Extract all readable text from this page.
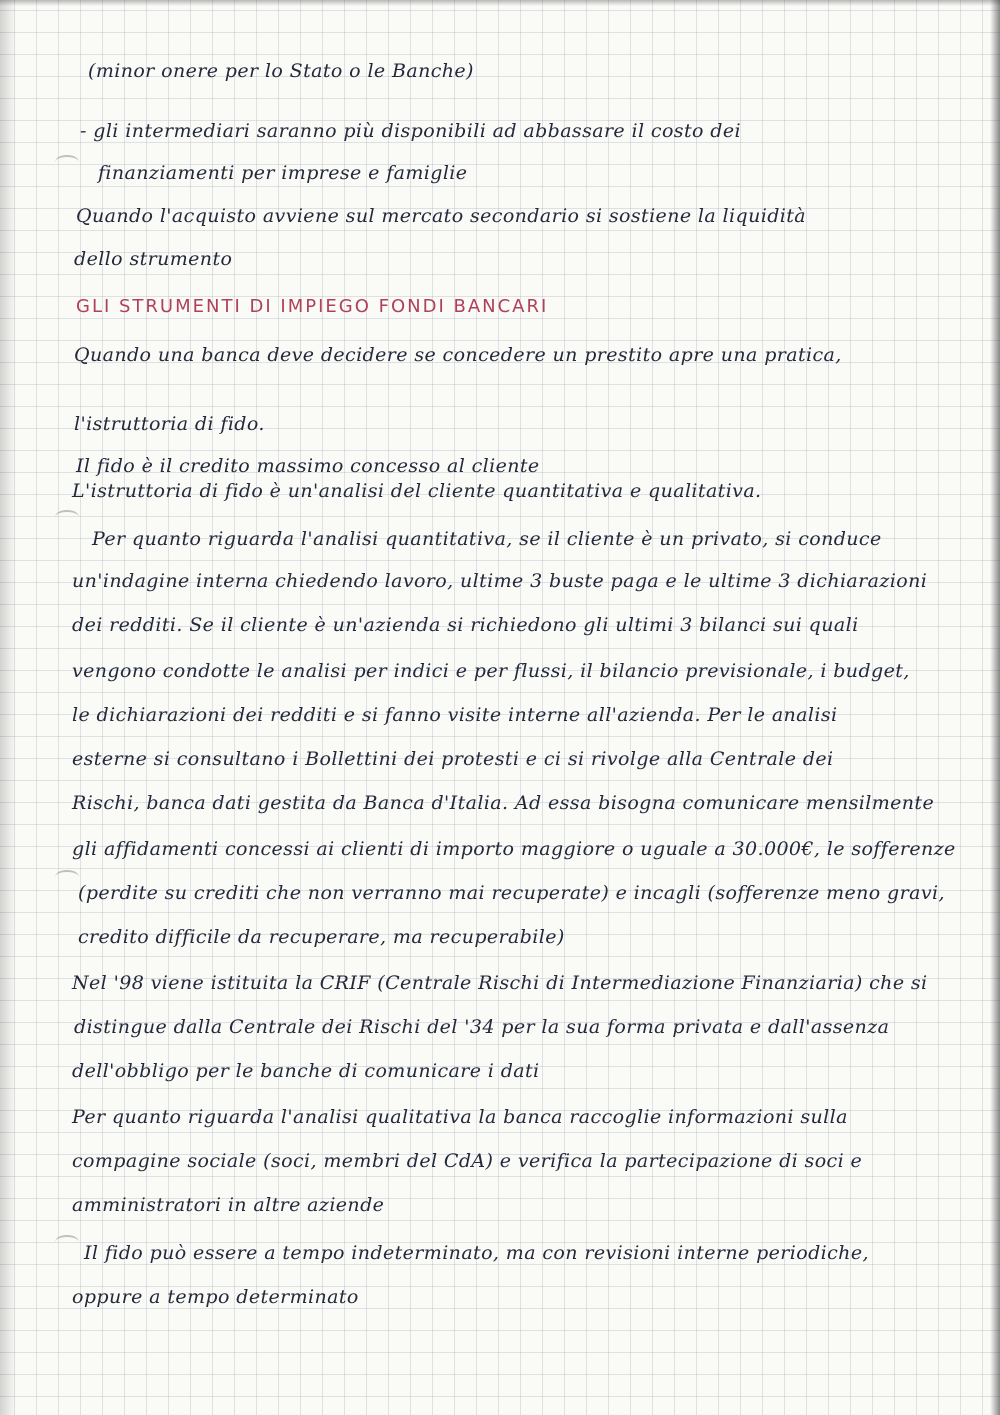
(minor onere per lo Stato o le Banche)
- gli intermediari saranno più disponibili ad abbassare il costo dei
finanziamenti per imprese e famiglie
Quando l'acquisto avviene sul mercato secondario si sostiene la liquidità
dello strumento
GLI STRUMENTI DI IMPIEGO FONDI BANCARI
Quando una banca deve decidere se concedere un prestito apre una pratica,
l'istruttoria di fido.
Il fido è il credito massimo concesso al cliente
L'istruttoria di fido è un'analisi del cliente quantitativa e qualitativa.
Per quanto riguarda l'analisi quantitativa, se il cliente è un privato, si conduce
un'indagine interna chiedendo lavoro, ultime 3 buste paga e le ultime 3 dichiarazioni
dei redditi. Se il cliente è un'azienda si richiedono gli ultimi 3 bilanci sui quali
vengono condotte le analisi per indici e per flussi, il bilancio previsionale, i budget,
le dichiarazioni dei redditi e si fanno visite interne all'azienda. Per le analisi
esterne si consultano i Bollettini dei protesti e ci si rivolge alla Centrale dei
Rischi, banca dati gestita da Banca d'Italia. Ad essa bisogna comunicare mensilmente
gli affidamenti concessi ai clienti di importo maggiore o uguale a 30.000€, le sofferenze
(perdite su crediti che non verranno mai recuperate) e incagli (sofferenze meno gravi,
credito difficile da recuperare, ma recuperabile)
Nel '98 viene istituita la CRIF (Centrale Rischi di Intermediazione Finanziaria) che si
distingue dalla Centrale dei Rischi del '34 per la sua forma privata e dall'assenza
dell'obbligo per le banche di comunicare i dati
Per quanto riguarda l'analisi qualitativa la banca raccoglie informazioni sulla
compagine sociale (soci, membri del CdA) e verifica la partecipazione di soci e
amministratori in altre aziende
Il fido può essere a tempo indeterminato, ma con revisioni interne periodiche,
oppure a tempo determinato
